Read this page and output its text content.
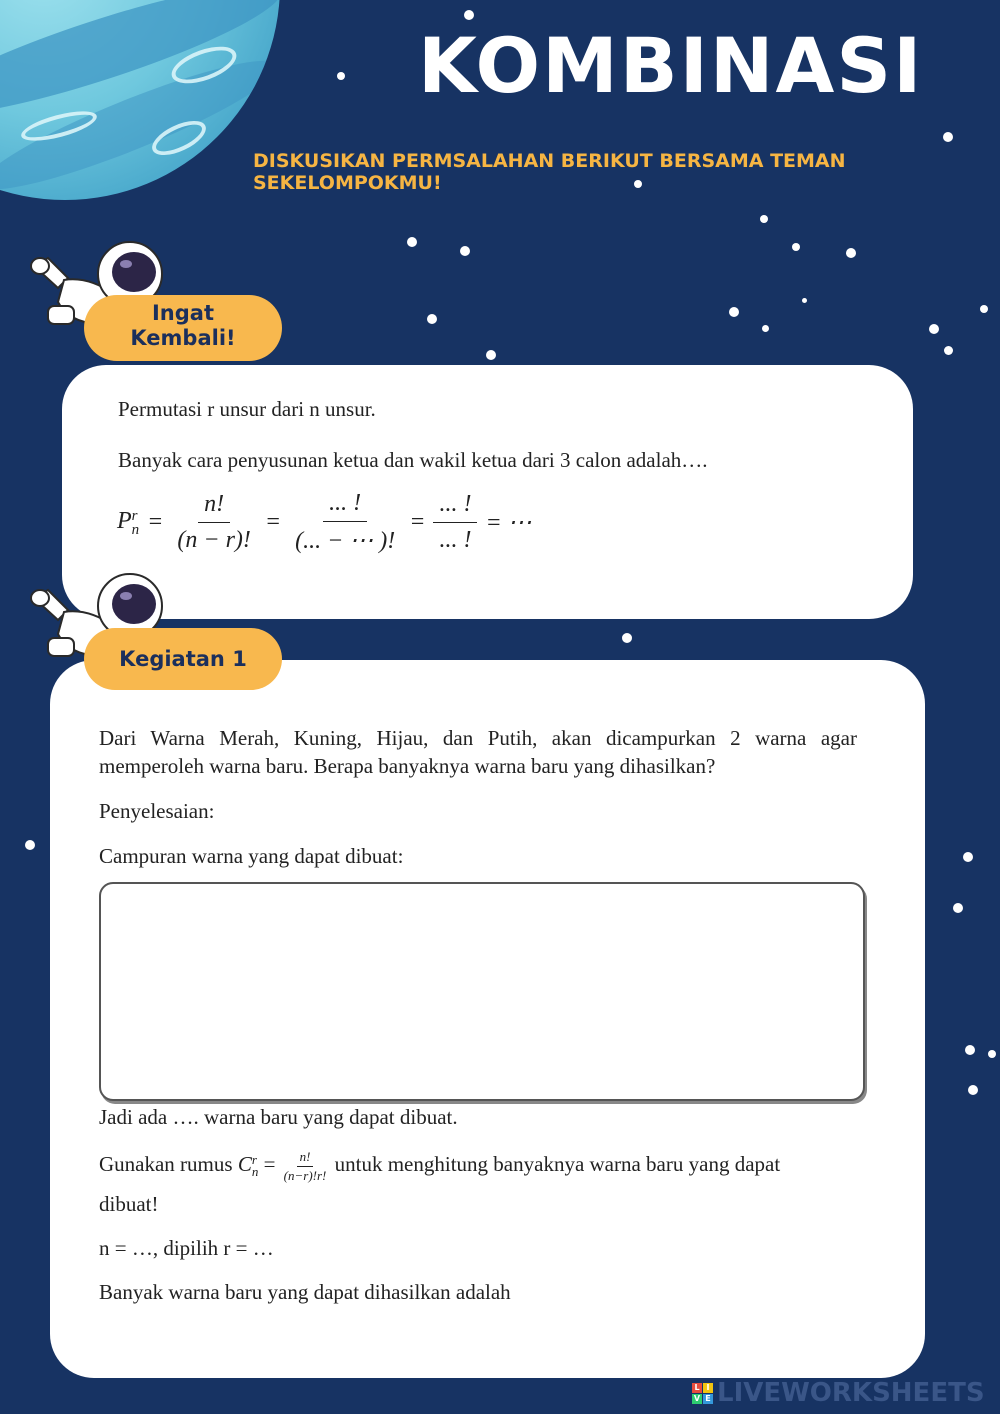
KOMBINASI
DISKUSIKAN PERMSALAHAN BERIKUT BERSAMA TEMAN SEKELOMPOKMU!
Ingat
Kembali!
Permutasi r unsur dari n unsur.
Banyak cara penyusunan ketua dan wakil ketua dari 3 calon adalah….
P r
$n = \frac{n!}{(n - r)!} = \frac{... !}{(... - \cdots )!} = \frac{... !}{... !}$ = ⋯
Kegiatan 1
Dari Warna Merah, Kuning, Hijau, dan Putih, akan dicampurkan 2 warna agar memperoleh warna baru. Berapa banyaknya warna baru yang dihasilkan?
Penyelesaian:
Campuran warna yang dapat dibuat:
Jadi ada …. warna baru yang dapat dibuat.
Gunakan rumus C r
$n = \frac{n!}{(n-r)!r!}$ untuk menghitung banyaknya warna baru yang dapat
dibuat!
n = …, dipilih r = …
Banyak warna baru yang dapat dihasilkan adalah
L I
V E LIVEWORKSHEETS
